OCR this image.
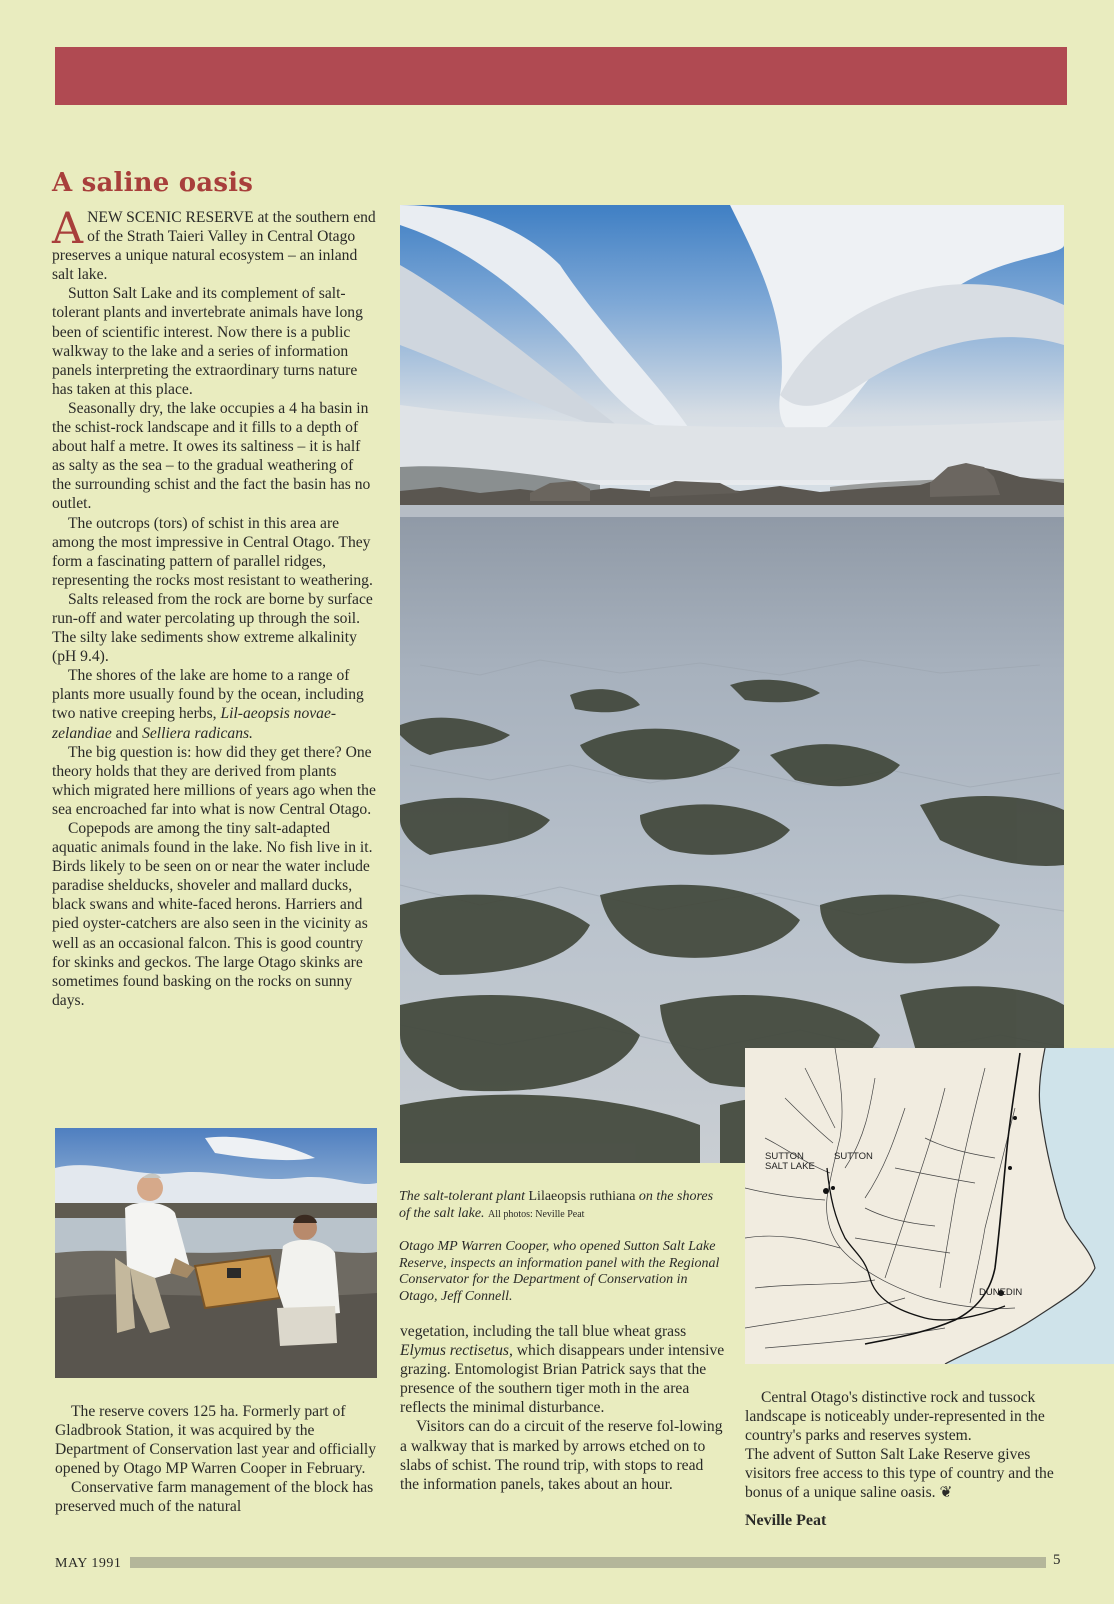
A saline oasis

ANEW SCENIC RESERVE at the southern end of the Strath Taieri Valley in Central Otago preserves a unique natural ecosystem – an inland salt lake.

Sutton Salt Lake and its complement of salt-tolerant plants and invertebrate animals have long been of scientific interest. Now there is a public walkway to the lake and a series of information panels interpreting the extraordinary turns nature has taken at this place.

Seasonally dry, the lake occupies a 4 ha basin in the schist-rock landscape and it fills to a depth of about half a metre. It owes its saltiness – it is half as salty as the sea – to the gradual weathering of the surrounding schist and the fact the basin has no outlet.

The outcrops (tors) of schist in this area are among the most impressive in Central Otago. They form a fascinating pattern of parallel ridges, representing the rocks most resistant to weathering.

Salts released from the rock are borne by surface run-off and water percolating up through the soil. The silty lake sediments show extreme alkalinity (pH 9.4).

The shores of the lake are home to a range of plants more usually found by the ocean, including two native creeping herbs, Lil-aeopsis novae-zelandiae and Selliera radicans.

The big question is: how did they get there? One theory holds that they are derived from plants which migrated here millions of years ago when the sea encroached far into what is now Central Otago.

Copepods are among the tiny salt-adapted aquatic animals found in the lake. No fish live in it. Birds likely to be seen on or near the water include paradise shelducks, shoveler and mallard ducks, black swans and white-faced herons. Harriers and pied oyster-catchers are also seen in the vicinity as well as an occasional falcon. This is good country for skinks and geckos. The large Otago skinks are sometimes found basking on the rocks on sunny days.

SUTTON SALT LAKE
SUTTON
DUNEDIN
The salt-tolerant plant Lilaeopsis ruthiana on the shores of the salt lake. All photos: Neville Peat
Otago MP Warren Cooper, who opened Sutton Salt Lake Reserve, inspects an information panel with the Regional Conservator for the Department of Conservation in Otago, Jeff Connell.

The reserve covers 125 ha. Formerly part of Gladbrook Station, it was acquired by the Department of Conservation last year and officially opened by Otago MP Warren Cooper in February.

Conservative farm management of the block has preserved much of the natural

vegetation, including the tall blue wheat grass Elymus rectisetus, which disappears under intensive grazing. Entomologist Brian Patrick says that the presence of the southern tiger moth in the area reflects the minimal disturbance.

Visitors can do a circuit of the reserve fol-lowing a walkway that is marked by arrows etched on to slabs of schist. The round trip, with stops to read the information panels, takes about an hour.

Central Otago's distinctive rock and tussock landscape is noticeably under-represented in the country's parks and reserves system.

The advent of Sutton Salt Lake Reserve gives visitors free access to this type of country and the bonus of a unique saline oasis. ❦

Neville Peat
MAY 1991	5
